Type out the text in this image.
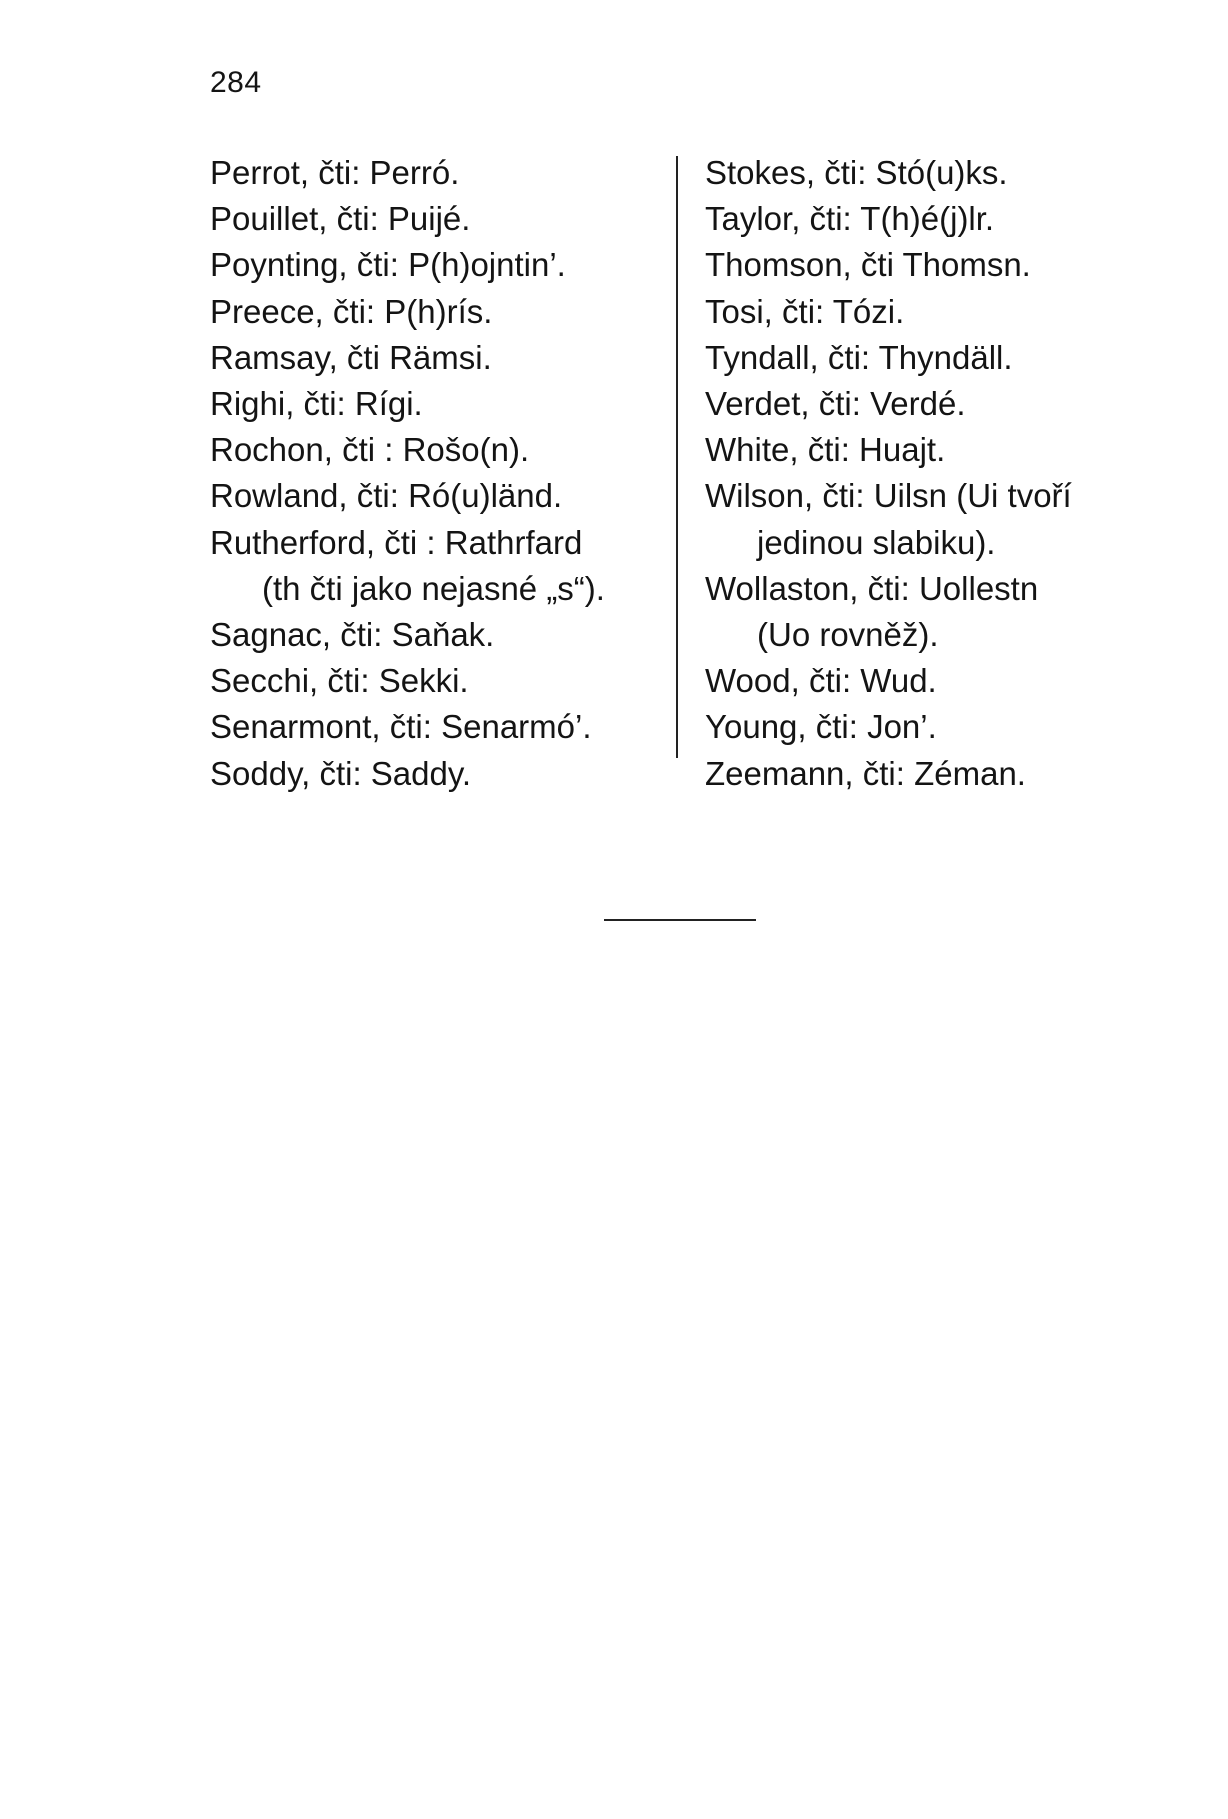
284
Perrot, čti: Perró.
Pouillet, čti: Puijé.
Poynting, čti: P(h)ojntin’.
Preece, čti: P(h)rís.
Ramsay, čti Rämsi.
Righi, čti: Rígi.
Rochon, čti : Rošo(n).
Rowland, čti: Ró(u)länd.
Rutherford, čti : Rathrfard
(th čti jako nejasné „s“).
Sagnac, čti: Saňak.
Secchi, čti: Sekki.
Senarmont, čti: Senarmó’.
Soddy, čti: Saddy.
Stokes, čti: Stó(u)ks.
Taylor, čti: T(h)é(j)lr.
Thomson, čti Thomsn.
Tosi, čti: Tózi.
Tyndall, čti: Thyndäll.
Verdet, čti: Verdé.
White, čti: Huajt.
Wilson, čti: Uilsn (Ui tvoří
jedinou slabiku).
Wollaston, čti: Uollestn
(Uo rovněž).
Wood, čti: Wud.
Young, čti: Jon’.
Zeemann, čti: Zéman.
